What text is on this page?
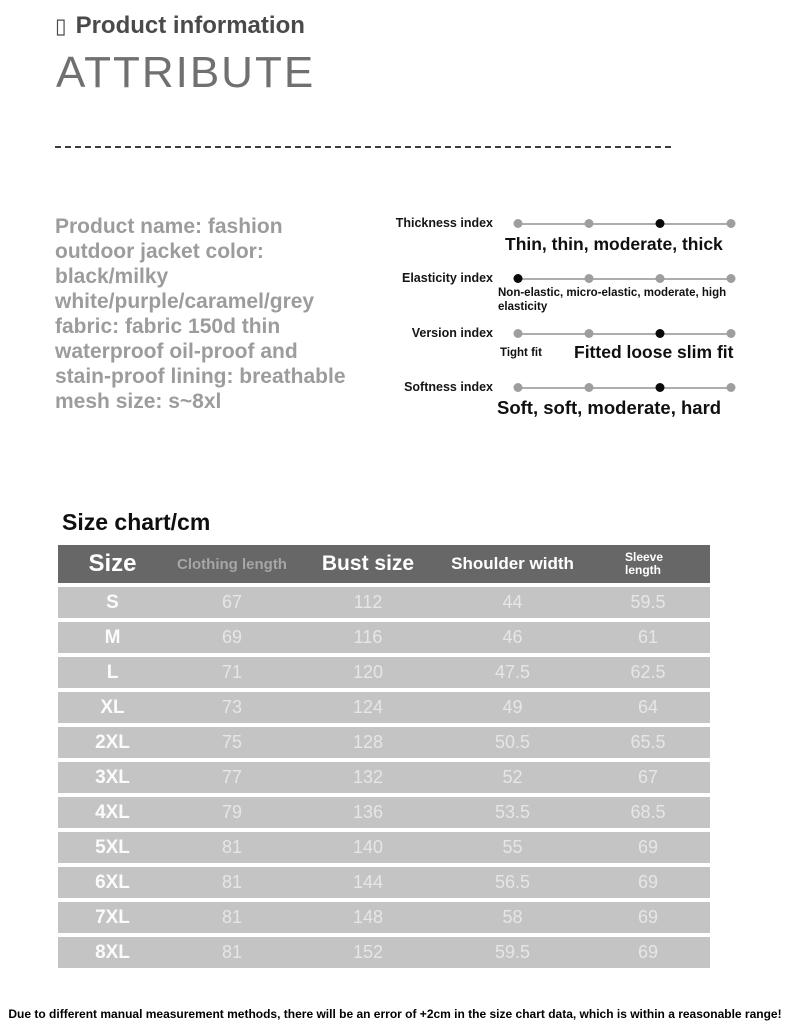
▯ Product information
ATTRIBUTE
Product name: fashion outdoor jacket color: black/milky white/purple/caramel/grey fabric: fabric 150d thin waterproof oil-proof and stain-proof lining: breathable mesh size: s~8xl
Thickness index
Thin, thin, moderate, thick
Elasticity index
Non-elastic, micro-elastic, moderate, high elasticity
Version index
Tight fit Fitted loose slim fit
Softness index
Soft, soft, moderate, hard
Size chart/cm
Size	Clothing length	Bust size	Shoulder width	Sleeve length
S	67	112	44	59.5
M	69	116	46	61
L	71	120	47.5	62.5
XL	73	124	49	64
2XL	75	128	50.5	65.5
3XL	77	132	52	67
4XL	79	136	53.5	68.5
5XL	81	140	55	69
6XL	81	144	56.5	69
7XL	81	148	58	69
8XL	81	152	59.5	69
Due to different manual measurement methods, there will be an error of +2cm in the size chart data, which is within a reasonable range!
